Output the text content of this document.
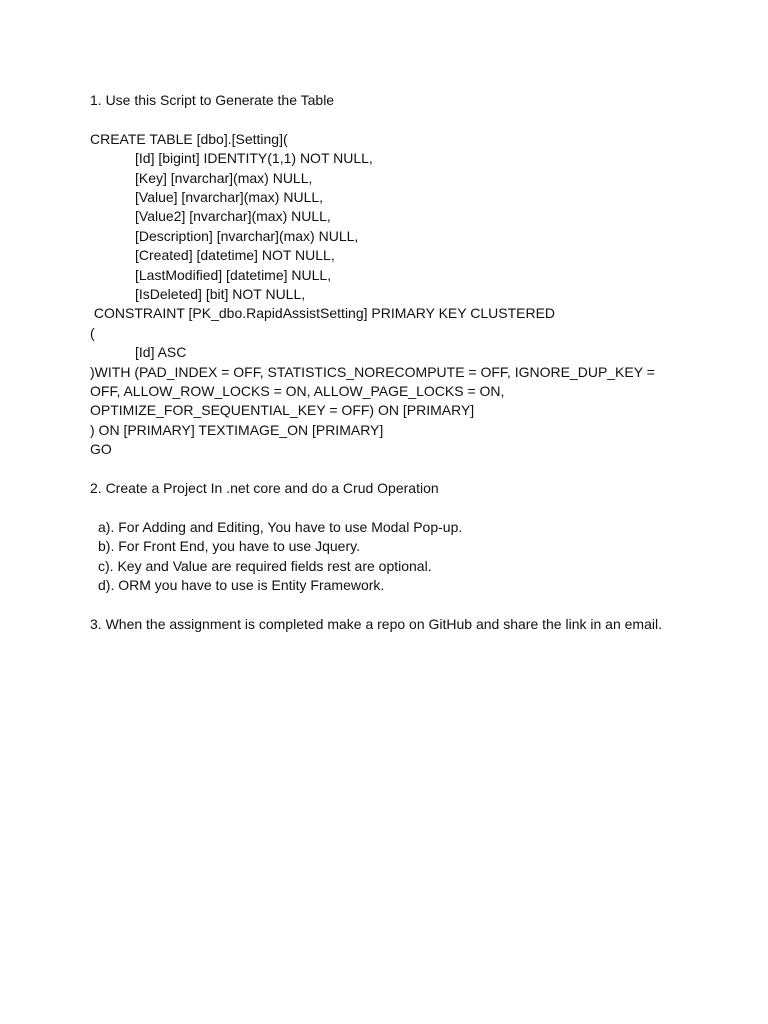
1. Use this Script to Generate the Table
CREATE TABLE [dbo].[Setting](
[Id] [bigint] IDENTITY(1,1) NOT NULL,
[Key] [nvarchar](max) NULL,
[Value] [nvarchar](max) NULL,
[Value2] [nvarchar](max) NULL,
[Description] [nvarchar](max) NULL,
[Created] [datetime] NOT NULL,
[LastModified] [datetime] NULL,
[IsDeleted] [bit] NOT NULL,
CONSTRAINT [PK_dbo.RapidAssistSetting] PRIMARY KEY CLUSTERED
(
[Id] ASC
)WITH (PAD_INDEX = OFF, STATISTICS_NORECOMPUTE = OFF, IGNORE_DUP_KEY =
OFF, ALLOW_ROW_LOCKS = ON, ALLOW_PAGE_LOCKS = ON,
OPTIMIZE_FOR_SEQUENTIAL_KEY = OFF) ON [PRIMARY]
) ON [PRIMARY] TEXTIMAGE_ON [PRIMARY]
GO
2. Create a Project In .net core and do a Crud Operation
a). For Adding and Editing, You have to use Modal Pop-up.
b). For Front End, you have to use Jquery.
c). Key and Value are required fields rest are optional.
d). ORM you have to use is Entity Framework.
3. When the assignment is completed make a repo on GitHub and share the link in an email.
